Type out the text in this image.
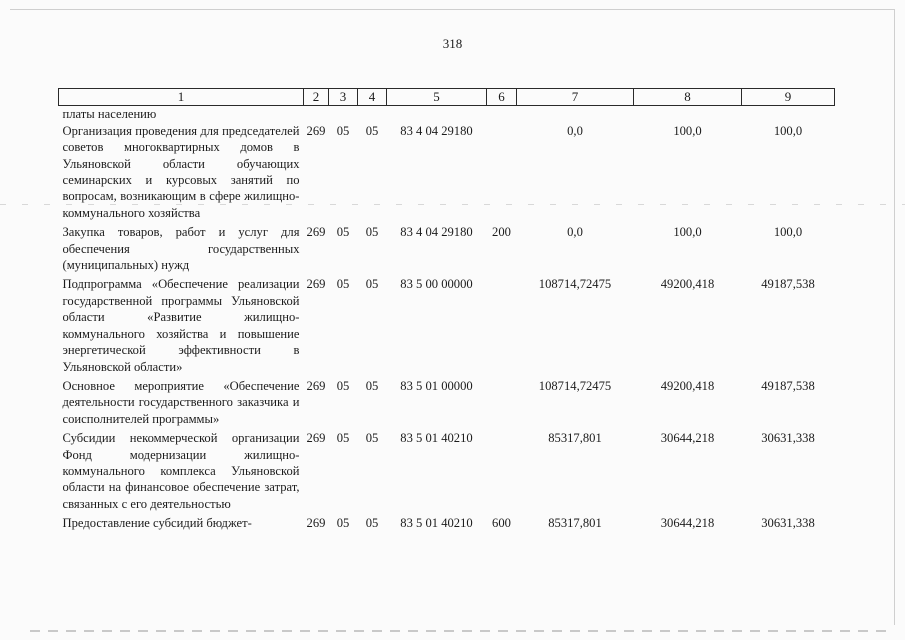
318
1	2	3	4	5	6	7	8	9
платы населению								
Организация проведения для председателей советов многоквартирных домов в Ульяновской области обучающих семинарских и курсовых занятий по вопросам, возникающим в сфере жилищно-коммунального хозяйства	269	05	05	83 4 04 29180		0,0	100,0	100,0
Закупка товаров, работ и услуг для обеспечения государственных (муниципальных) нужд	269	05	05	83 4 04 29180	200	0,0	100,0	100,0
Подпрограмма «Обеспечение реализации государственной программы Ульяновской области «Развитие жилищно-коммунального хозяйства и повышение энергетической эффективности в Ульяновской области»	269	05	05	83 5 00 00000		108714,72475	49200,418	49187,538
Основное мероприятие «Обеспечение деятельности государственного заказчика и соисполнителей программы»	269	05	05	83 5 01 00000		108714,72475	49200,418	49187,538
Субсидии некоммерческой организации Фонд модернизации жилищно-коммунального комплекса Ульяновской области на финансовое обеспечение затрат, связанных с его деятельностью	269	05	05	83 5 01 40210		85317,801	30644,218	30631,338
Предоставление субсидий бюджет-	269	05	05	83 5 01 40210	600	85317,801	30644,218	30631,338
